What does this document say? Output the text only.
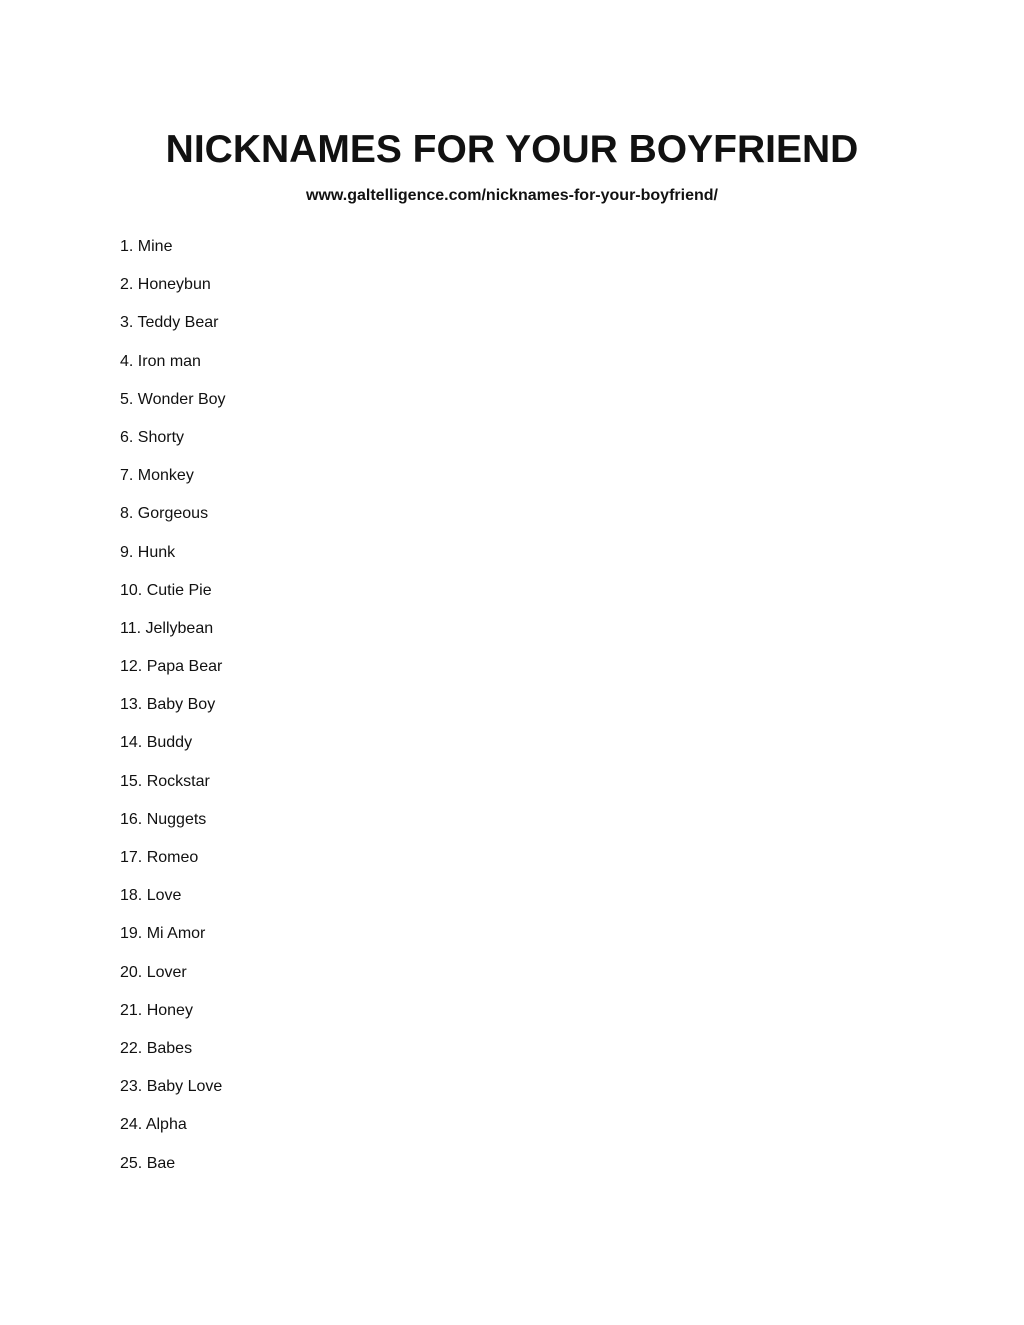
NICKNAMES FOR YOUR BOYFRIEND
www.galtelligence.com/nicknames-for-your-boyfriend/
1. Mine
2. Honeybun
3. Teddy Bear
4. Iron man
5. Wonder Boy
6. Shorty
7. Monkey
8. Gorgeous
9. Hunk
10. Cutie Pie
11. Jellybean
12. Papa Bear
13. Baby Boy
14. Buddy
15. Rockstar
16. Nuggets
17. Romeo
18. Love
19. Mi Amor
20. Lover
21. Honey
22. Babes
23. Baby Love
24. Alpha
25. Bae
